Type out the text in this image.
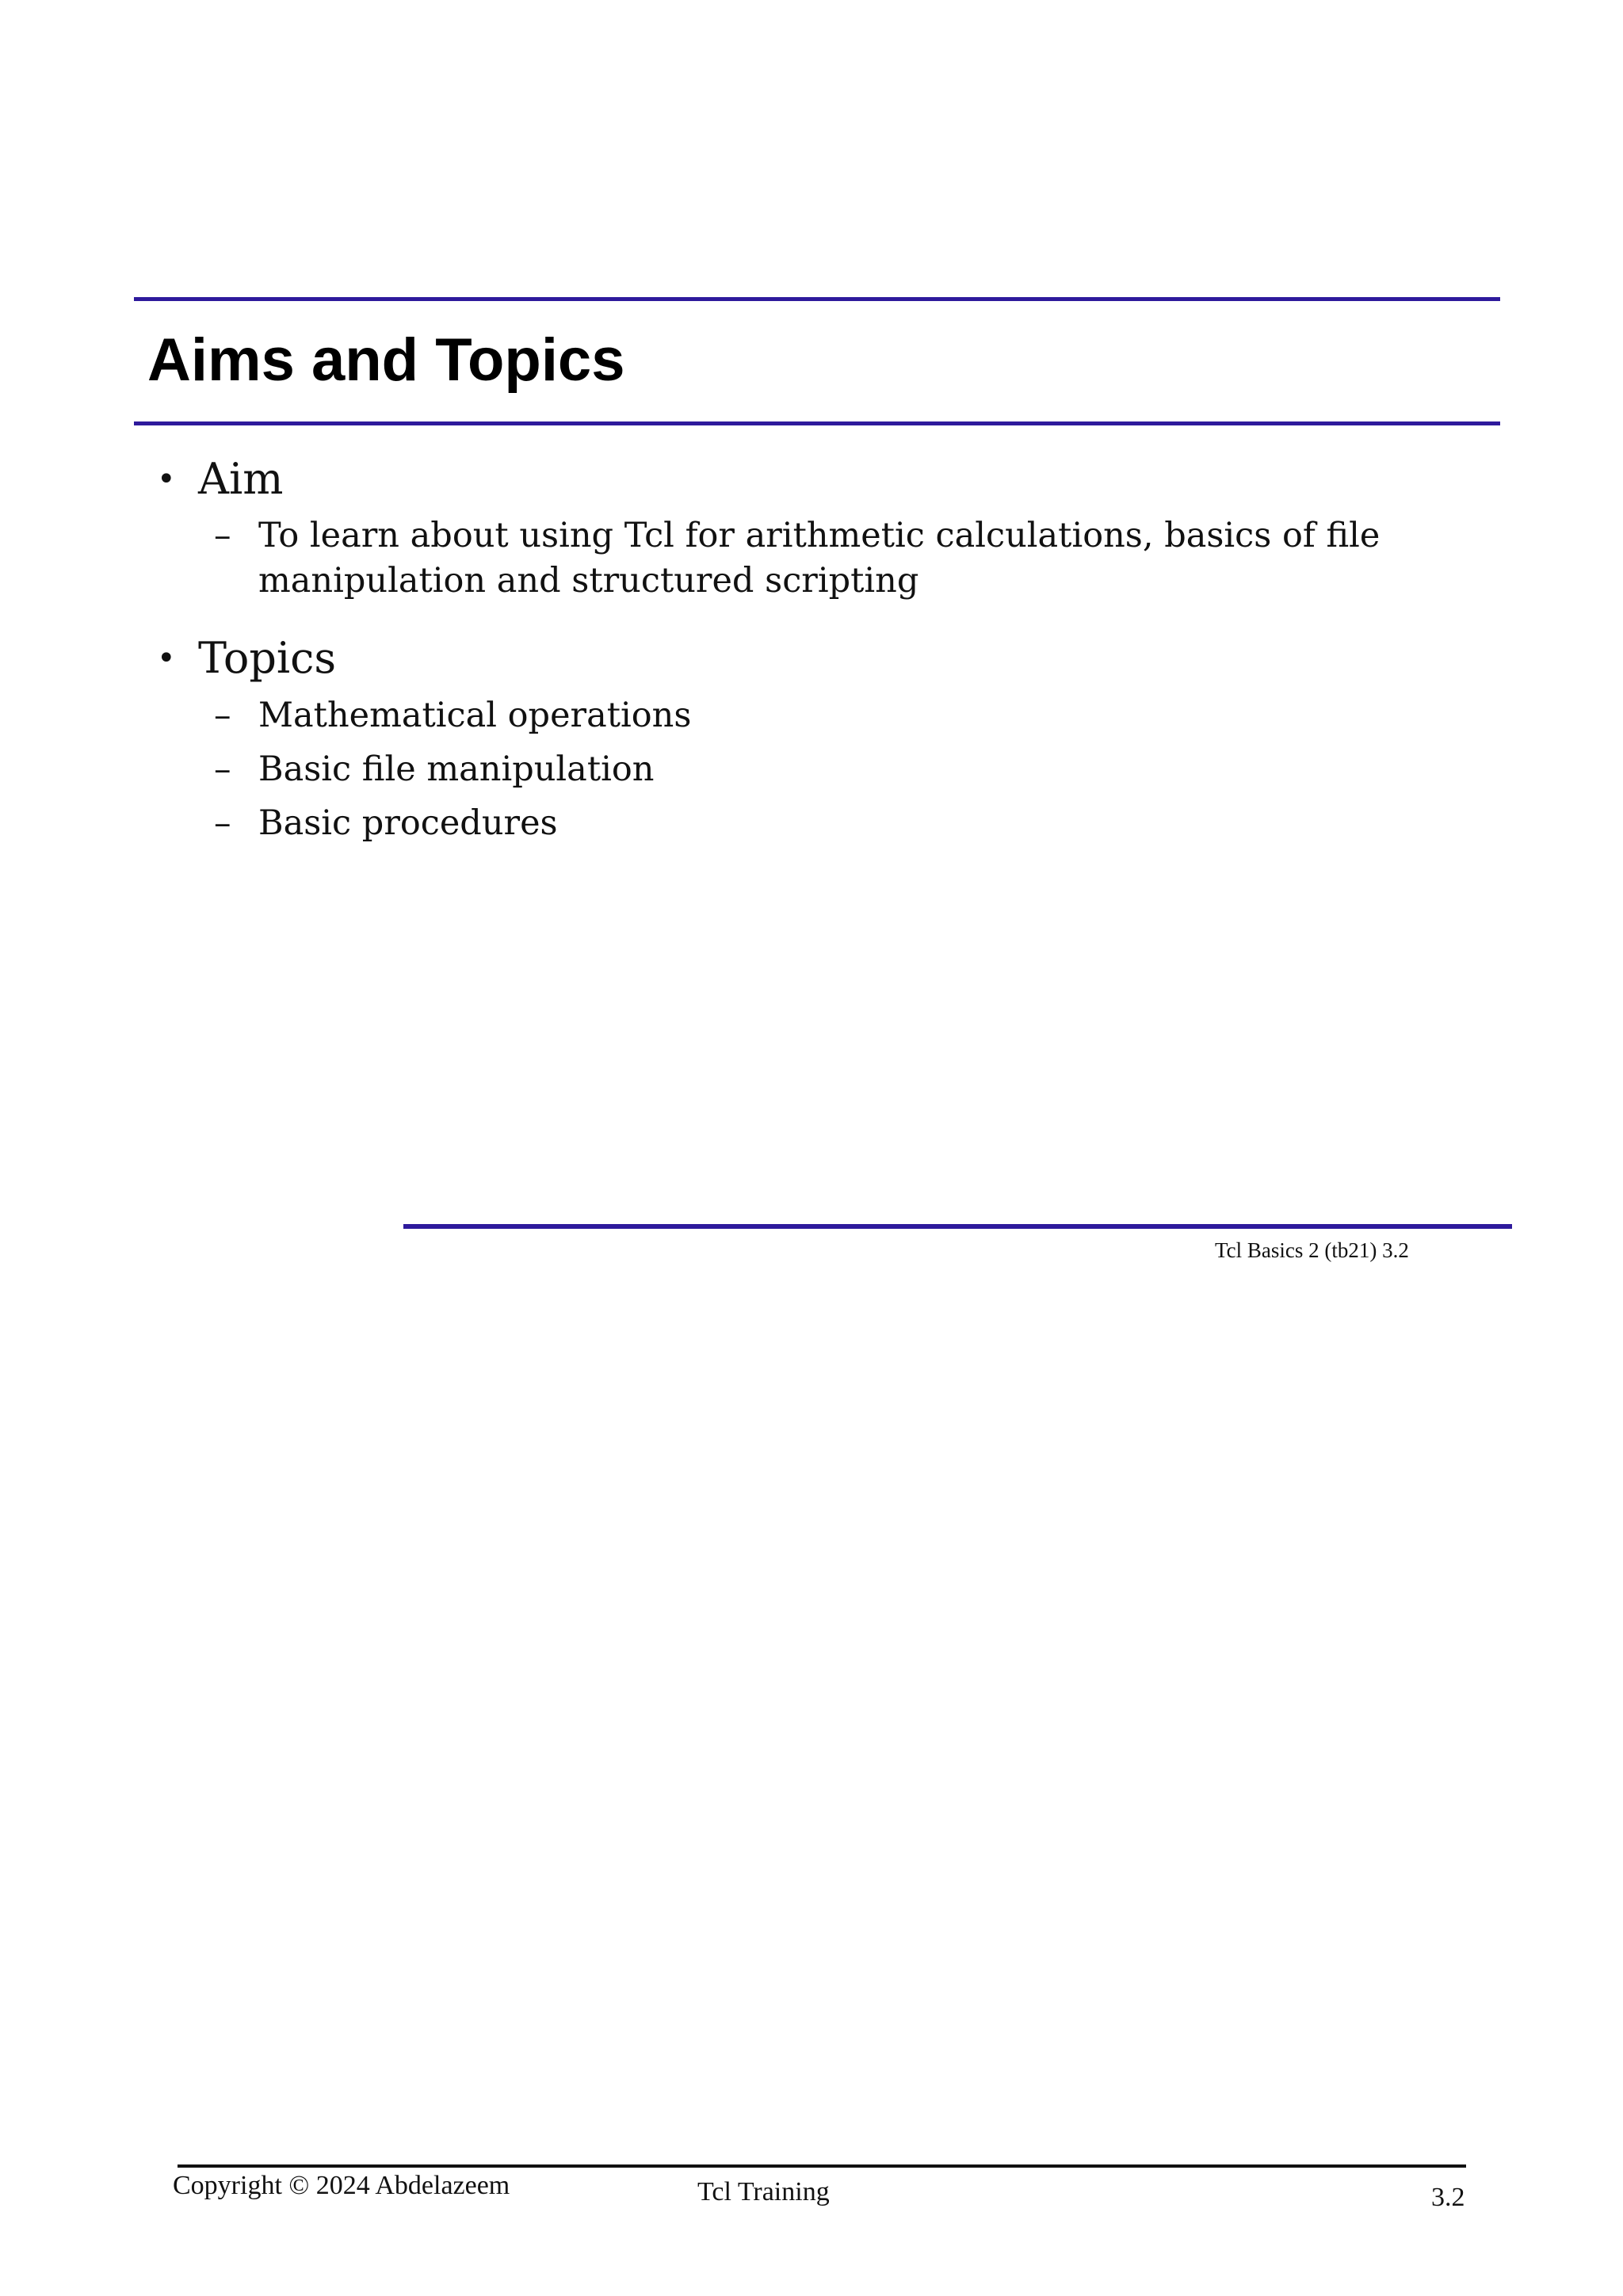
Aims and Topics
• Aim
– To learn about using Tcl for arithmetic calculations, basics of file
manipulation and structured scripting
• Topics
– Mathematical operations
– Basic file manipulation
– Basic procedures
Tcl Basics 2 (tb21) 3.2
Copyright © 2024 Abdelazeem	Tcl Training	3.2
